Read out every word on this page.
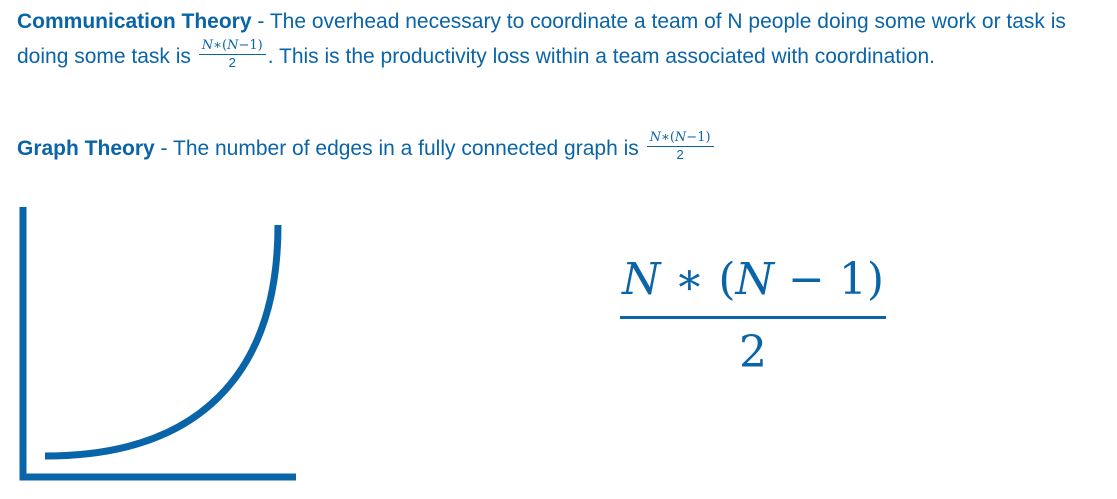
Communication Theory - The overhead necessary to coordinate a team of N people doing some work or task is doing some task is $\frac{N∗(N-1)}{2}$ . This is the productivity loss within a team associated with coordination.
Graph Theory - The number of edges in a fully connected graph is $\frac{N∗(N-1)}{2}$
$\frac{N ∗ (N - 1)}{2}$
